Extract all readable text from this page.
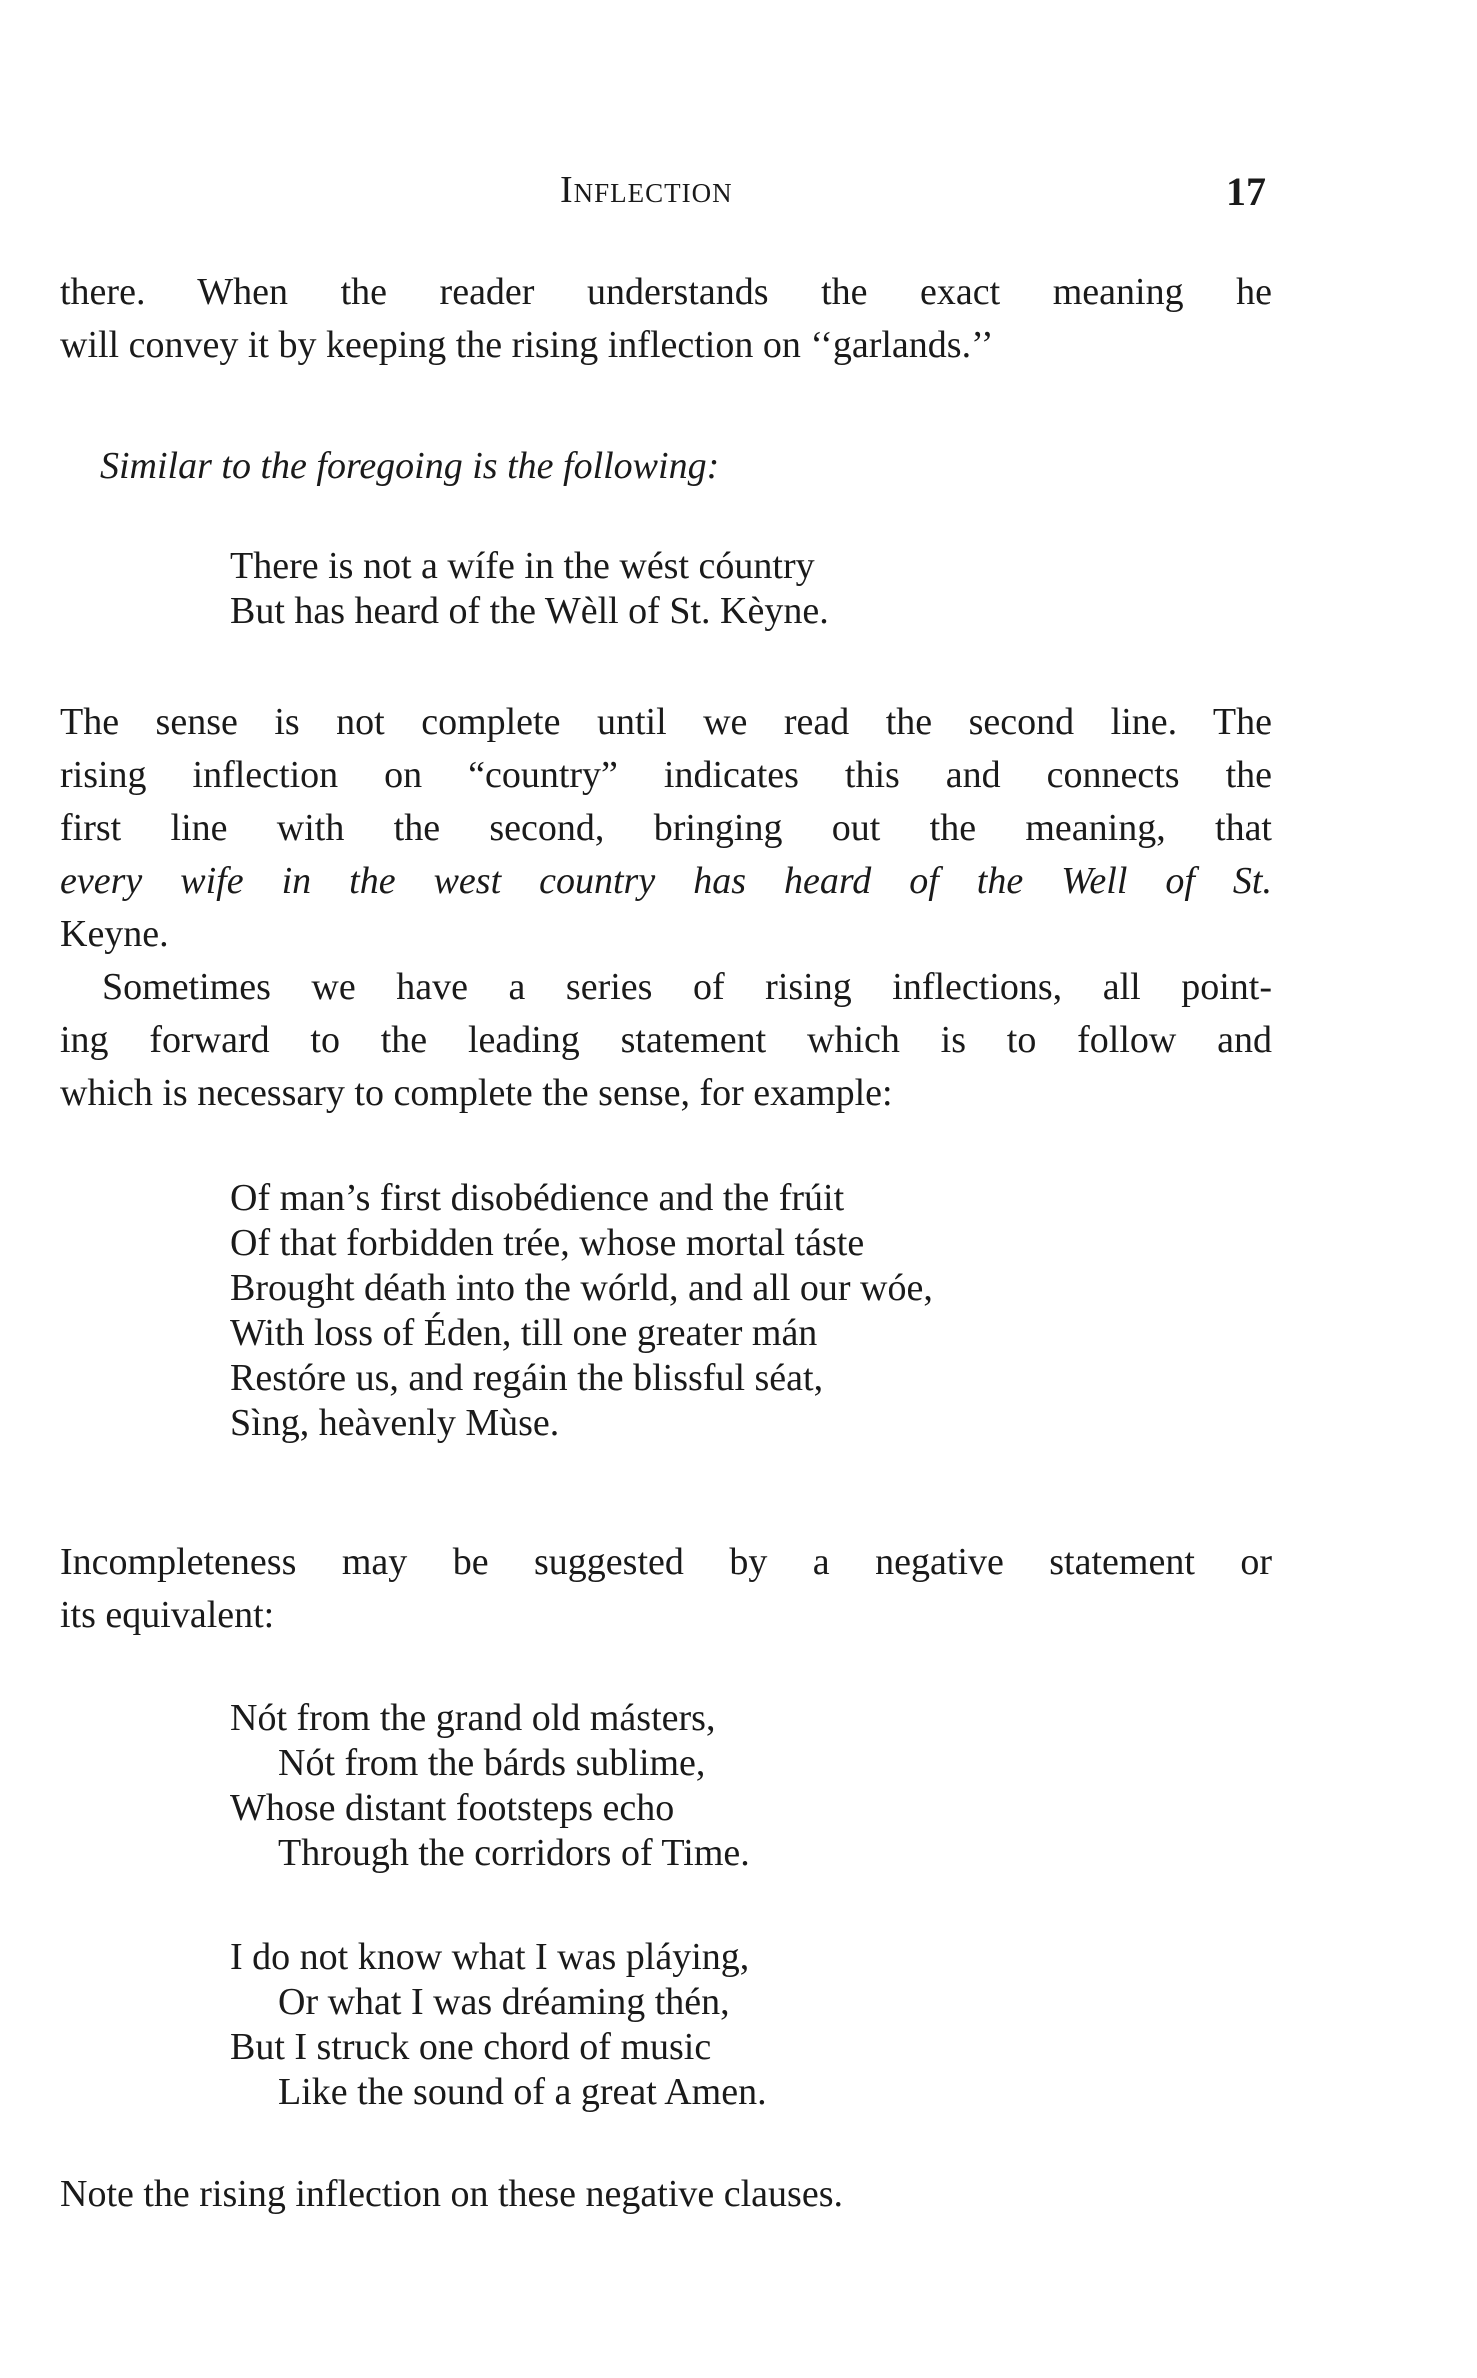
Inflection	17

there. When the reader understands the exact meaning he
will convey it by keeping the rising inflection on ‘‘garlands.’’

Similar to the foregoing is the following:

There is not a wífe in the wést cóuntry
But has heard of the Wèll of St. Kèyne.

The sense is not complete until we read the second line. The
rising inflection on “country” indicates this and connects the
first line with the second, bringing out the meaning, that
every wife in the west country has heard of the Well of St.
Keyne.

Sometimes we have a series of rising inflections, all point-
ing forward to the leading statement which is to follow and
which is necessary to complete the sense, for example:

Of man’s first disobédience and the frúit
Of that forbidden trée, whose mortal táste
Brought déath into the wórld, and all our wóe,
With loss of Éden, till one greater mán
Restóre us, and regáin the blissful séat,
Sìng, heàvenly Mùse.

Incompleteness may be suggested by a negative statement or
its equivalent:

Nót from the grand old másters,
Nót from the bárds sublime,
Whose distant footsteps echo
Through the corridors of Time.
I do not know what I was pláying,
Or what I was dréaming thén,
But I struck one chord of music
Like the sound of a great Amen.

Note the rising inflection on these negative clauses.
